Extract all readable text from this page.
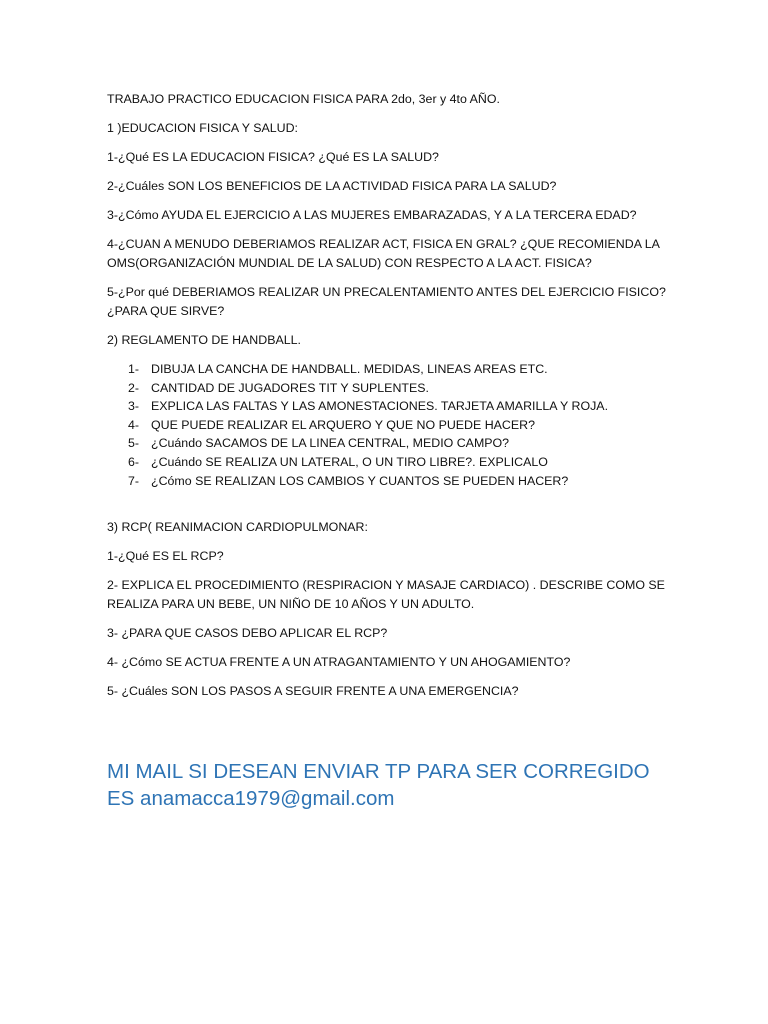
TRABAJO PRACTICO EDUCACION FISICA PARA 2do, 3er y 4to AÑO.

1 )EDUCACION FISICA Y SALUD:

1-¿Qué ES LA EDUCACION FISICA? ¿Qué ES LA SALUD?

2-¿Cuáles SON LOS BENEFICIOS DE LA ACTIVIDAD FISICA PARA LA SALUD?

3-¿Cómo AYUDA EL EJERCICIO A LAS MUJERES EMBARAZADAS, Y A LA TERCERA EDAD?

4-¿CUAN A MENUDO DEBERIAMOS REALIZAR ACT, FISICA EN GRAL? ¿QUE RECOMIENDA LA OMS(ORGANIZACIÓN MUNDIAL DE LA SALUD) CON RESPECTO A LA ACT. FISICA?

5-¿Por qué DEBERIAMOS REALIZAR UN PRECALENTAMIENTO ANTES DEL EJERCICIO FISICO? ¿PARA QUE SIRVE?

2) REGLAMENTO DE HANDBALL.

1- DIBUJA LA CANCHA DE HANDBALL. MEDIDAS, LINEAS AREAS ETC.
2- CANTIDAD DE JUGADORES TIT Y SUPLENTES.
3- EXPLICA LAS FALTAS Y LAS AMONESTACIONES. TARJETA AMARILLA Y ROJA.
4- QUE PUEDE REALIZAR EL ARQUERO Y QUE NO PUEDE HACER?
5- ¿Cuándo SACAMOS DE LA LINEA CENTRAL, MEDIO CAMPO?
6- ¿Cuándo SE REALIZA UN LATERAL, O UN TIRO LIBRE?. EXPLICALO
7- ¿Cómo SE REALIZAN LOS CAMBIOS Y CUANTOS SE PUEDEN HACER?

3) RCP( REANIMACION CARDIOPULMONAR:

1-¿Qué ES EL RCP?

2- EXPLICA EL PROCEDIMIENTO (RESPIRACION Y MASAJE CARDIACO) . DESCRIBE COMO SE REALIZA PARA UN BEBE, UN NIÑO DE 10 AÑOS Y UN ADULTO.

3- ¿PARA QUE CASOS DEBO APLICAR EL RCP?

4- ¿Cómo SE ACTUA FRENTE A UN ATRAGANTAMIENTO Y UN AHOGAMIENTO?

5- ¿Cuáles SON LOS PASOS A SEGUIR FRENTE A UNA EMERGENCIA?

MI MAIL SI DESEAN ENVIAR TP PARA SER CORREGIDO
ES anamacca1979@gmail.com
